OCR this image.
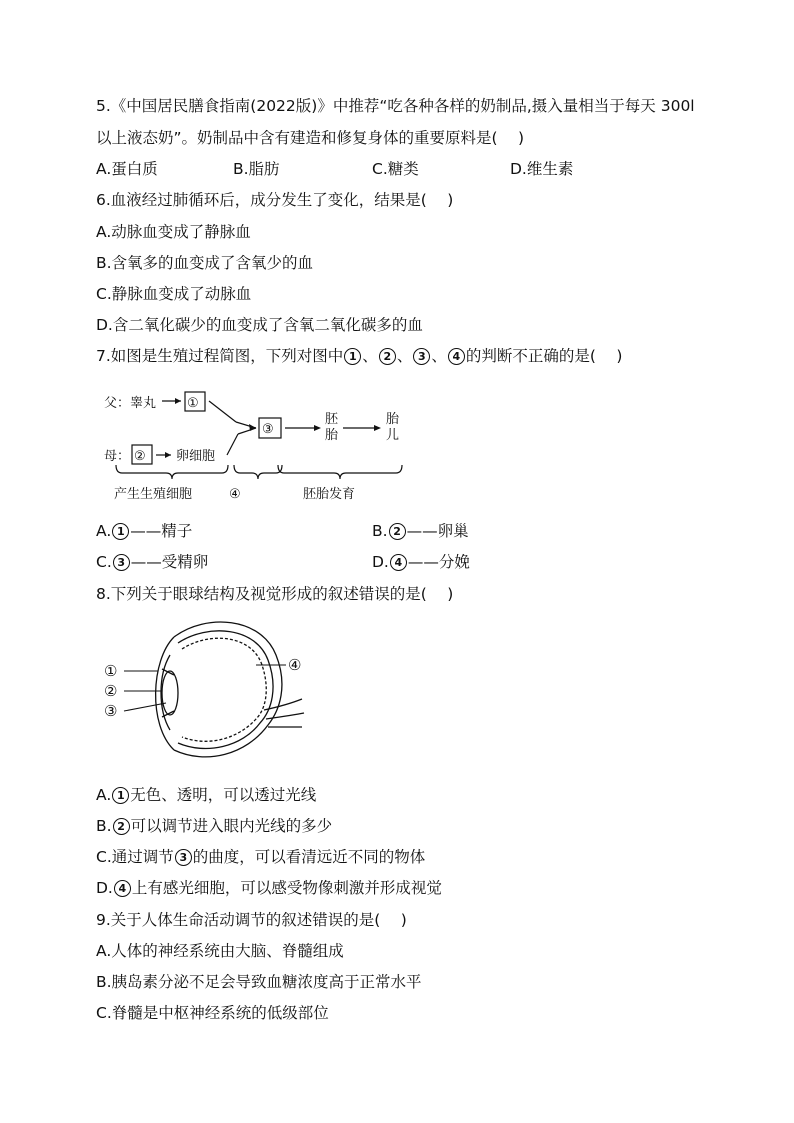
5.《中国居民膳食指南(2022版)》中推荐“吃各种各样的奶制品,摄入量相当于每天 300l
以上液态奶”。奶制品中含有建造和修复身体的重要原料是(　 )
A.蛋白质	B.脂肪	C.糖类	D.维生素
6.血液经过肺循环后，成分发生了变化，结果是(　 )
A.动脉血变成了静脉血
B.含氧多的血变成了含氧少的血
C.静脉血变成了动脉血
D.含二氧化碳少的血变成了含氧二氧化碳多的血
7.如图是生殖过程简图，下列对图中 1 、 2 、 3 、 4 的判断不正确的是(　 )
父：睾丸 ①
③
母： ② 卵细胞
胚
胎
胎
儿
产生生殖细胞	④	胚胎发育
A. 1 ——精子	B. 2 ——卵巢
C. 3 ——受精卵	D. 4 ——分娩
8.下列关于眼球结构及视觉形成的叙述错误的是(　 )
①
②
③
④
A. 1 无色、透明，可以透过光线
B. 2 可以调节进入眼内光线的多少
C.通过调节 3 的曲度，可以看清远近不同的物体
D. 4 上有感光细胞，可以感受物像刺激并形成视觉
9.关于人体生命活动调节的叙述错误的是(　 )
A.人体的神经系统由大脑、脊髓组成
B.胰岛素分泌不足会导致血糖浓度高于正常水平
C.脊髓是中枢神经系统的低级部位
